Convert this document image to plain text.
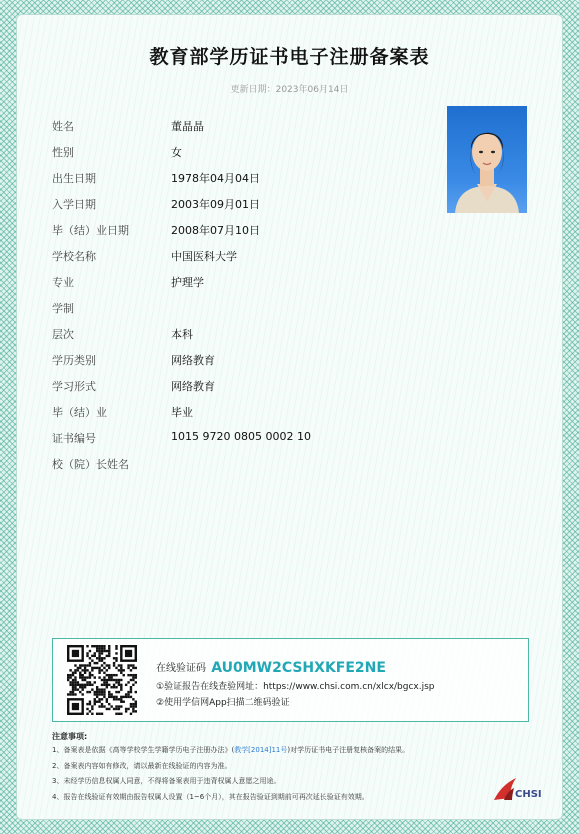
教育部学历证书电子注册备案表
更新日期：2023年06月14日
姓名	董晶晶
性别	女
出生日期	1978年04月04日
入学日期	2003年09月01日
毕（结）业日期	2008年07月10日
学校名称	中国医科大学
专业	护理学
学制
层次	本科
学历类别	网络教育
学习形式	网络教育
毕（结）业	毕业
证书编号	1015 9720 0805 0002 10
校（院）长姓名
在线验证码 AU0MW2CSHXKFE2NE
①验证报告在线查验网址：https://www.chsi.com.cn/xlcx/bgcx.jsp
②使用学信网App扫描二维码验证
注意事项:
1、备案表是依据《高等学校学生学籍学历电子注册办法》(教学[2014]11号)对学历证书电子注册复核备案的结果。
2、备案表内容如有修改，请以最新在线验证的内容为准。
3、未经学历信息权属人同意，不得将备案表用于违背权属人意愿之用途。
4、报告在线验证有效期由报告权属人设置（1~6个月），其在报告验证到期前可再次延长验证有效期。	CHSI
